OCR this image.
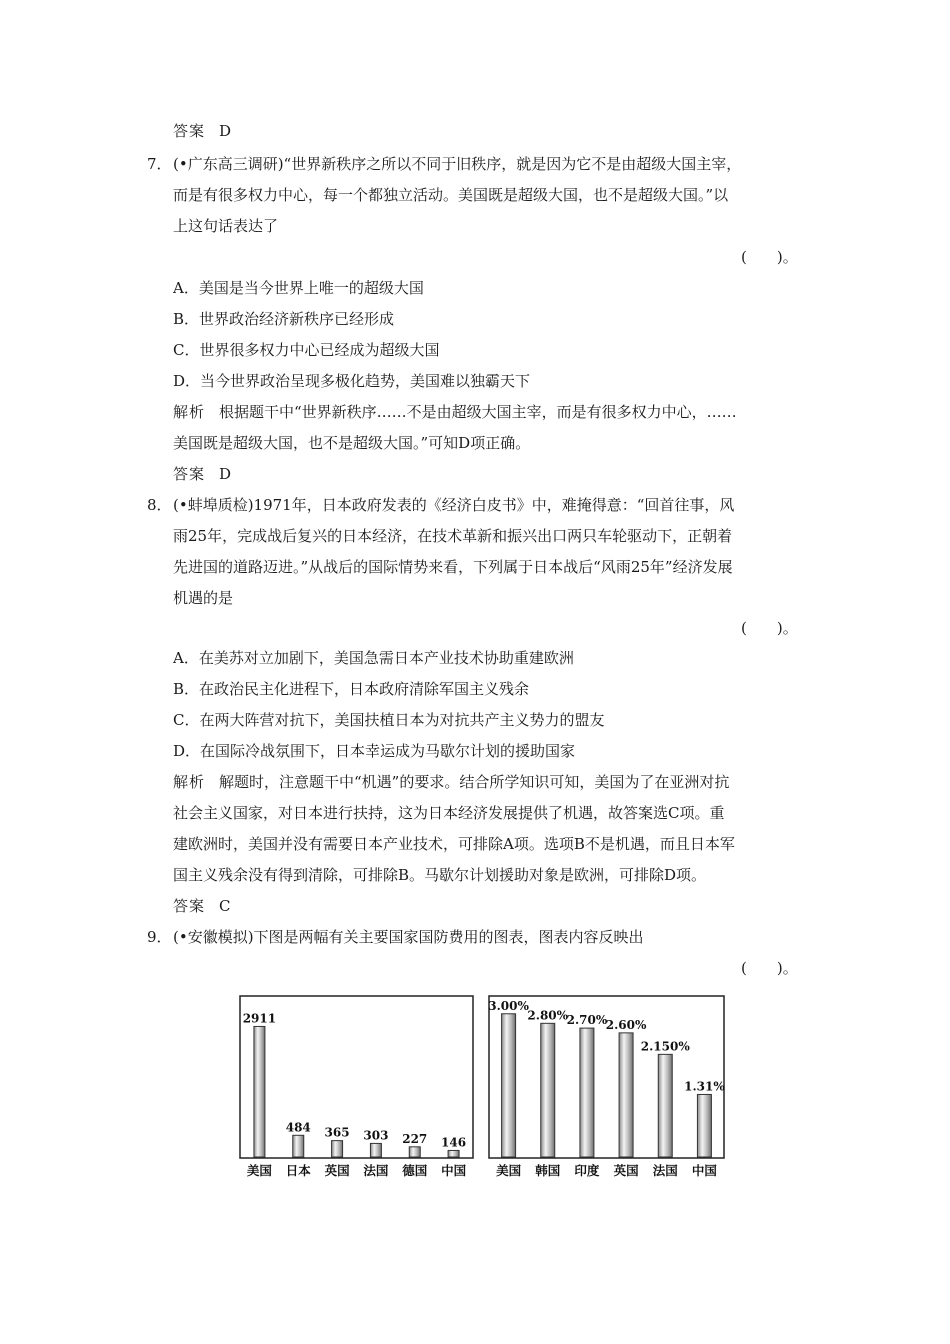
答案 D
7． (•广东高三调研)“世界新秩序之所以不同于旧秩序，就是因为它不是由超级大国主宰，
而是有很多权力中心，每一个都独立活动。美国既是超级大国，也不是超级大国。”以
上这句话表达了
(　　)。
A．美国是当今世界上唯一的超级大国
B．世界政治经济新秩序已经形成
C．世界很多权力中心已经成为超级大国
D．当今世界政治呈现多极化趋势，美国难以独霸天下
解析 根据题干中“世界新秩序……不是由超级大国主宰，而是有很多权力中心，……
美国既是超级大国，也不是超级大国。”可知D项正确。
答案 D
8． (•蚌埠质检)1971年，日本政府发表的《经济白皮书》中，难掩得意：“回首往事，风
雨25年，完成战后复兴的日本经济，在技术革新和振兴出口两只车轮驱动下，正朝着
先进国的道路迈进。”从战后的国际情势来看，下列属于日本战后“风雨25年”经济发展
机遇的是
(　　)。
A．在美苏对立加剧下，美国急需日本产业技术协助重建欧洲
B．在政治民主化进程下，日本政府清除军国主义残余
C．在两大阵营对抗下，美国扶植日本为对抗共产主义势力的盟友
D．在国际冷战氛围下，日本幸运成为马歇尔计划的援助国家
解析 解题时，注意题干中“机遇”的要求。结合所学知识可知，美国为了在亚洲对抗
社会主义国家，对日本进行扶持，这为日本经济发展提供了机遇，故答案选C项。重
建欧洲时，美国并没有需要日本产业技术，可排除A项。选项B不是机遇，而且日本军
国主义残余没有得到清除，可排除B。马歇尔计划援助对象是欧洲，可排除D项。
答案 C
9． (•安徽模拟)下图是两幅有关主要国家国防费用的图表，图表内容反映出
(　　)。
2911
美国
484
日本
365
英国
303
法国
227
德国
146
中国
3.00%
美国
2.80%
韩国
2.70%
印度
2.60%
英国
2.150%
法国
1.31%
中国
